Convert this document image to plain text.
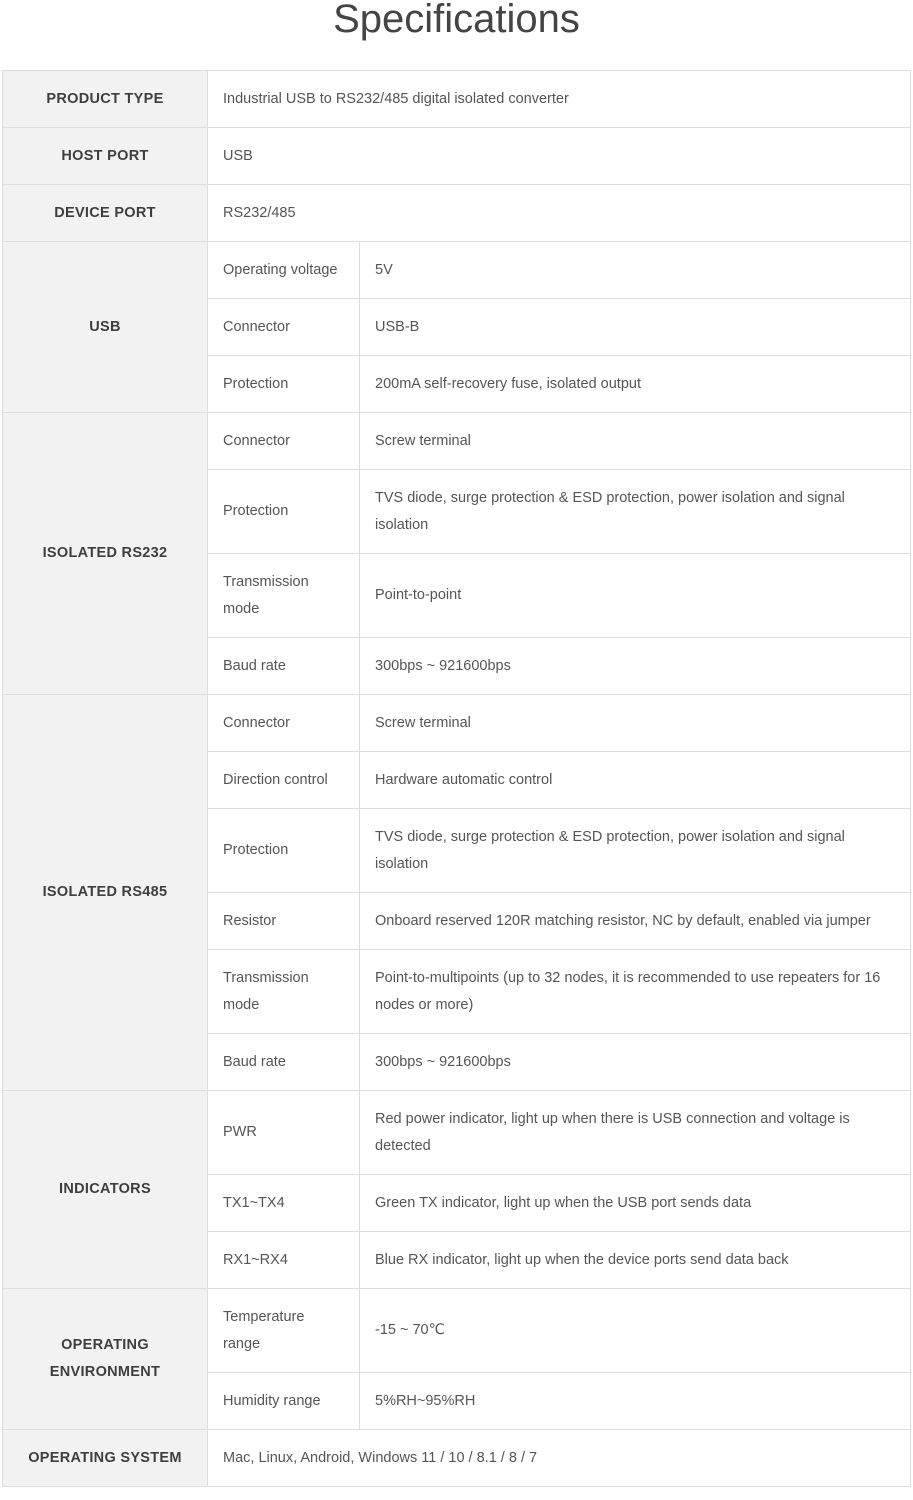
Specifications
PRODUCT TYPE	Industrial USB to RS232/485 digital isolated converter	
HOST PORT	USB	
DEVICE PORT	RS232/485	
USB	Operating voltage	5V
	Connector	USB-B
	Protection	200mA self-recovery fuse, isolated output
ISOLATED RS232	Connector	Screw terminal
	Protection	TVS diode, surge protection & ESD protection, power isolation and signal isolation
	Transmission mode	Point-to-point
	Baud rate	300bps ~ 921600bps
ISOLATED RS485	Connector	Screw terminal
	Direction control	Hardware automatic control
	Protection	TVS diode, surge protection & ESD protection, power isolation and signal isolation
	Resistor	Onboard reserved 120R matching resistor, NC by default, enabled via jumper
	Transmission mode	Point-to-multipoints (up to 32 nodes, it is recommended to use repeaters for 16 nodes or more)
	Baud rate	300bps ~ 921600bps
INDICATORS	PWR	Red power indicator, light up when there is USB connection and voltage is detected
	TX1~TX4	Green TX indicator, light up when the USB port sends data
	RX1~RX4	Blue RX indicator, light up when the device ports send data back
OPERATING ENVIRONMENT	Temperature range	-15 ~ 70℃
	Humidity range	5%RH~95%RH
OPERATING SYSTEM	Mac, Linux, Android, Windows 11 / 10 / 8.1 / 8 / 7	
